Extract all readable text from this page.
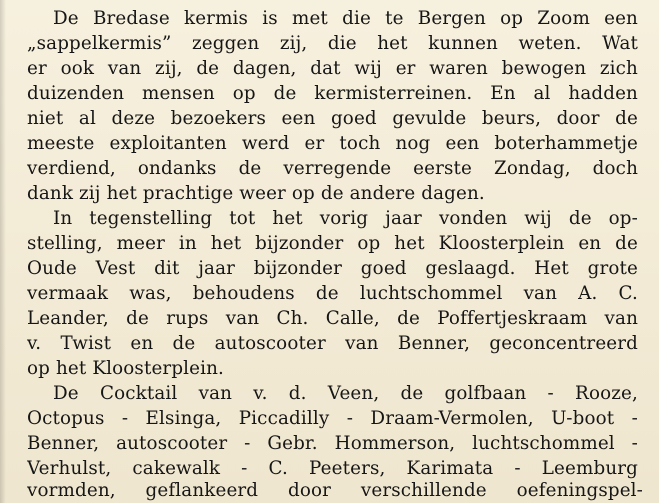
De Bredase kermis is met die te Bergen op Zoom een
„sappelkermis” zeggen zij, die het kunnen weten. Wat
er ook van zij, de dagen, dat wij er waren bewogen zich
duizenden mensen op de kermisterreinen. En al hadden
niet al deze bezoekers een goed gevulde beurs, door de
meeste exploitanten werd er toch nog een boterhammetje
verdiend, ondanks de verregende eerste Zondag, doch
dank zij het prachtige weer op de andere dagen.
In tegenstelling tot het vorig jaar vonden wij de op-
stelling, meer in het bijzonder op het Kloosterplein en de
Oude Vest dit jaar bijzonder goed geslaagd. Het grote
vermaak was, behoudens de luchtschommel van A. C.
Leander, de rups van Ch. Calle, de Poffertjeskraam van
v. Twist en de autoscooter van Benner, geconcentreerd
op het Kloosterplein.
De Cocktail van v. d. Veen, de golfbaan - Rooze,
Octopus - Elsinga, Piccadilly - Draam-Vermolen, U-boot -
Benner, autoscooter - Gebr. Hommerson, luchtschommel -
Verhulst, cakewalk - C. Peeters, Karimata - Leemburg
vormden, geflankeerd door verschillende oefeningspel-
